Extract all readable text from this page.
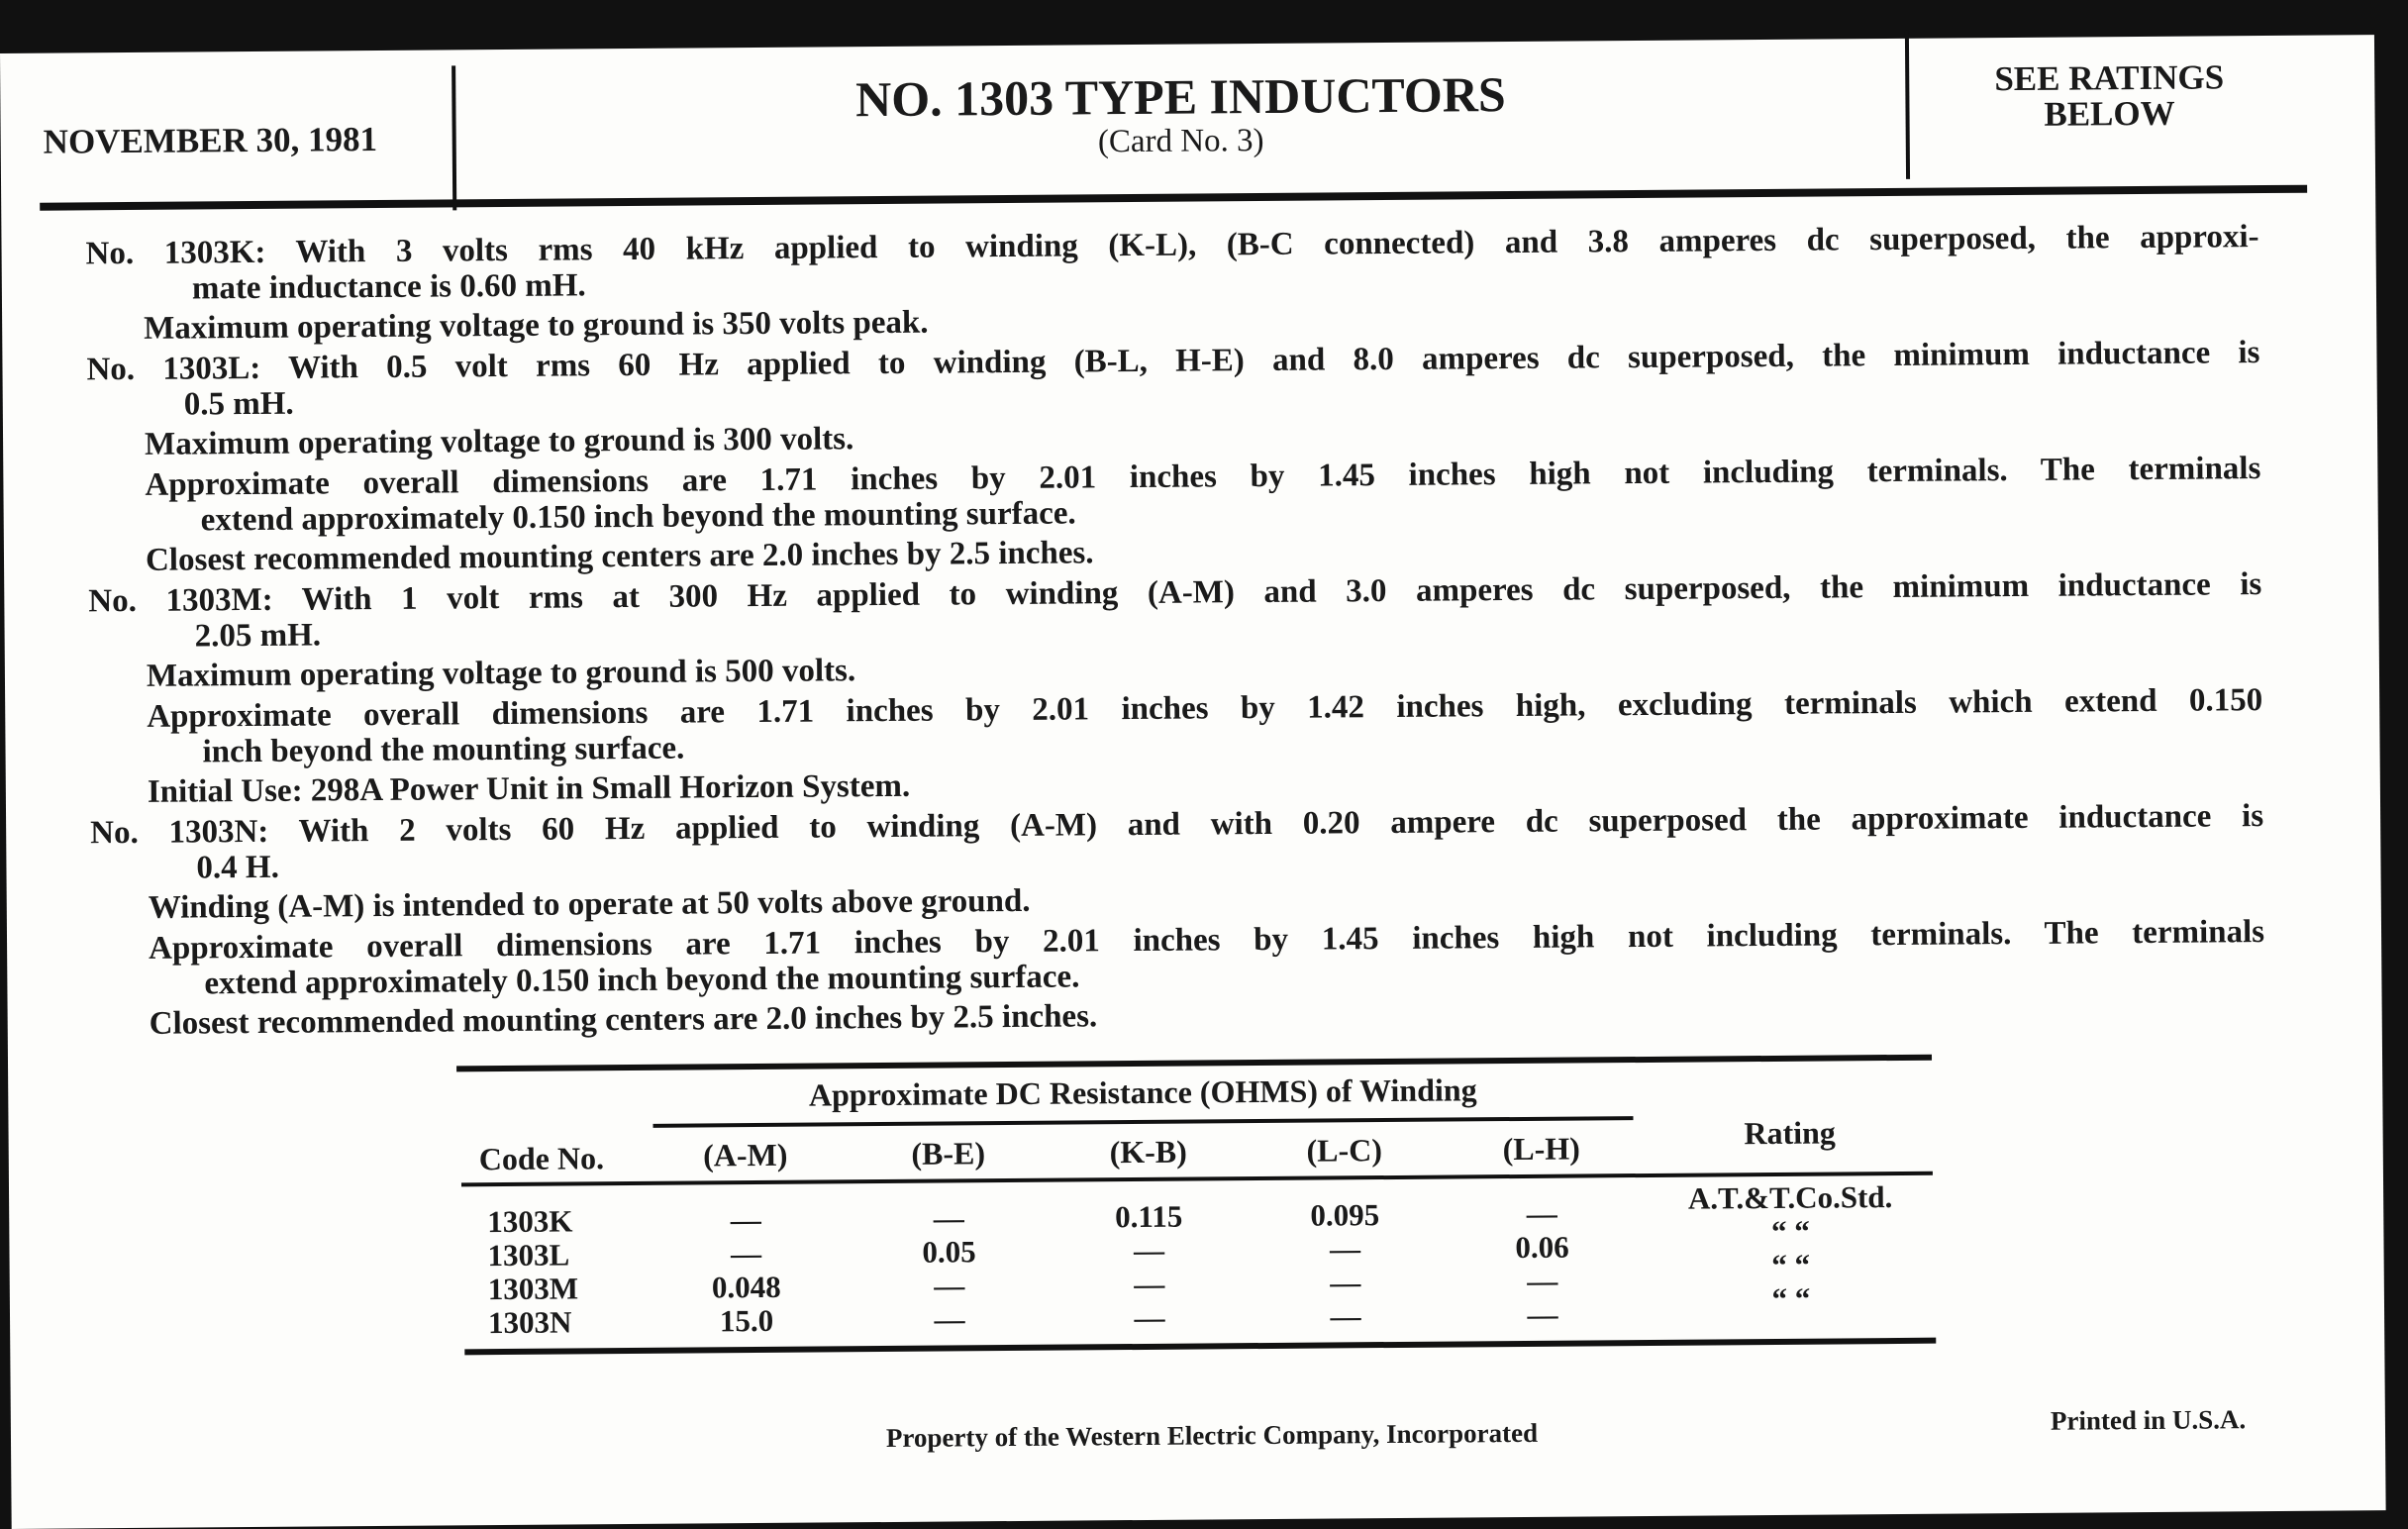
NOVEMBER 30, 1981
NO. 1303 TYPE INDUCTORS
(Card No. 3)
SEE RATINGS
BELOW
No. 1303K: With 3 volts rms 40 kHz applied to winding (K-L), (B-C connected) and 3.8 amperes dc superposed, the approxi-
mate inductance is 0.60 mH.
Maximum operating voltage to ground is 350 volts peak.
No. 1303L: With 0.5 volt rms 60 Hz applied to winding (B-L, H-E) and 8.0 amperes dc superposed, the minimum inductance is
0.5 mH.
Maximum operating voltage to ground is 300 volts.
Approximate overall dimensions are 1.71 inches by 2.01 inches by 1.45 inches high not including terminals. The terminals
extend approximately 0.150 inch beyond the mounting surface.
Closest recommended mounting centers are 2.0 inches by 2.5 inches.
No. 1303M: With 1 volt rms at 300 Hz applied to winding (A-M) and 3.0 amperes dc superposed, the minimum inductance is
2.05 mH.
Maximum operating voltage to ground is 500 volts.
Approximate overall dimensions are 1.71 inches by 2.01 inches by 1.42 inches high, excluding terminals which extend 0.150
inch beyond the mounting surface.
Initial Use: 298A Power Unit in Small Horizon System.
No. 1303N: With 2 volts 60 Hz applied to winding (A-M) and with 0.20 ampere dc superposed the approximate inductance is
0.4 H.
Winding (A-M) is intended to operate at 50 volts above ground.
Approximate overall dimensions are 1.71 inches by 2.01 inches by 1.45 inches high not including terminals. The terminals
extend approximately 0.150 inch beyond the mounting surface.
Closest recommended mounting centers are 2.0 inches by 2.5 inches.
Approximate DC Resistance (OHMS) of Winding
Code No.	(A-M)	(B-E)	(K-B)	(L-C)	(L-H)	Rating
1303K	—	—	0.115	0.095	—	A.T.&T.Co.Std.
1303L	—	0.05	—	—	0.06	“ “
1303M	0.048	—	—	—	—	“ “
1303N	15.0	—	—	—	—	“ “
Property of the Western Electric Company, Incorporated	Printed in U.S.A.
